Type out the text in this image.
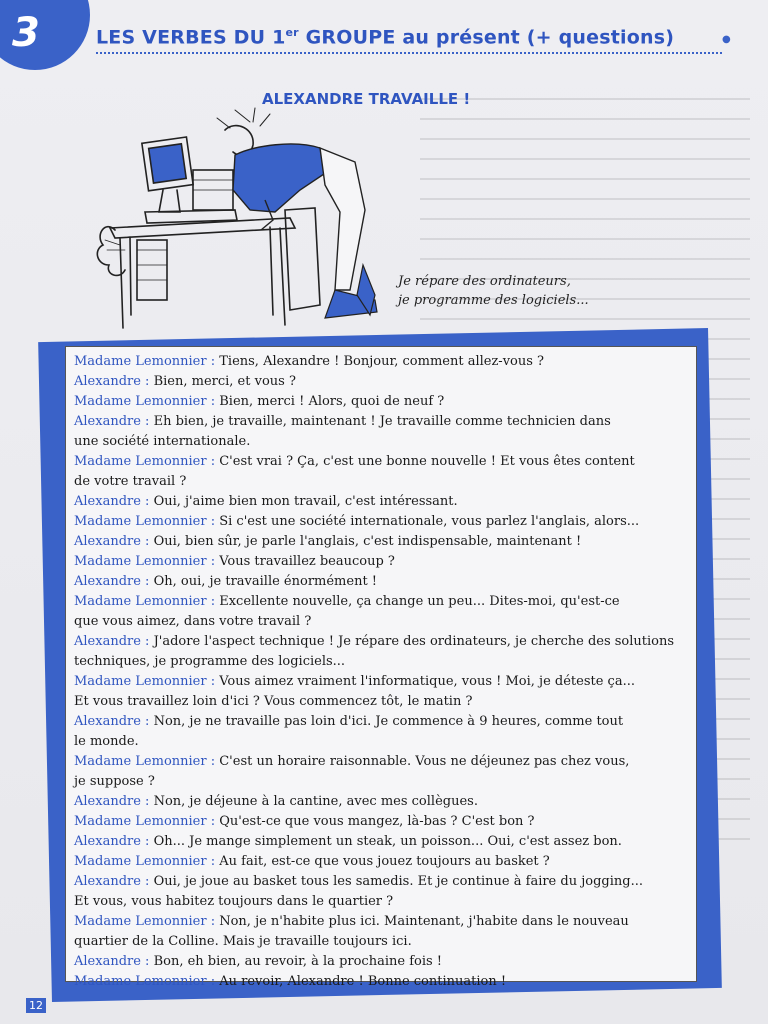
3	LES VERBES DU 1er GROUPE au présent (+ questions)	●
ALEXANDRE TRAVAILLE !
Je répare des ordinateurs,
je programme des logiciels...

Madame Lemonnier : Tiens, Alexandre ! Bonjour, comment allez-vous ?

Alexandre : Bien, merci, et vous ?

Madame Lemonnier : Bien, merci ! Alors, quoi de neuf ?

Alexandre : Eh bien, je travaille, maintenant ! Je travaille comme technicien dans

une société internationale.

Madame Lemonnier : C'est vrai ? Ça, c'est une bonne nouvelle ! Et vous êtes content

de votre travail ?

Alexandre : Oui, j'aime bien mon travail, c'est intéressant.

Madame Lemonnier : Si c'est une société internationale, vous parlez l'anglais, alors...

Alexandre : Oui, bien sûr, je parle l'anglais, c'est indispensable, maintenant !

Madame Lemonnier : Vous travaillez beaucoup ?

Alexandre : Oh, oui, je travaille énormément !

Madame Lemonnier : Excellente nouvelle, ça change un peu... Dites-moi, qu'est-ce

que vous aimez, dans votre travail ?

Alexandre : J'adore l'aspect technique ! Je répare des ordinateurs, je cherche des solutions

techniques, je programme des logiciels...

Madame Lemonnier : Vous aimez vraiment l'informatique, vous ! Moi, je déteste ça...

Et vous travaillez loin d'ici ? Vous commencez tôt, le matin ?

Alexandre : Non, je ne travaille pas loin d'ici. Je commence à 9 heures, comme tout

le monde.

Madame Lemonnier : C'est un horaire raisonnable. Vous ne déjeunez pas chez vous,

je suppose ?

Alexandre : Non, je déjeune à la cantine, avec mes collègues.

Madame Lemonnier : Qu'est-ce que vous mangez, là-bas ? C'est bon ?

Alexandre : Oh... Je mange simplement un steak, un poisson... Oui, c'est assez bon.

Madame Lemonnier : Au fait, est-ce que vous jouez toujours au basket ?

Alexandre : Oui, je joue au basket tous les samedis. Et je continue à faire du jogging...

Et vous, vous habitez toujours dans le quartier ?

Madame Lemonnier : Non, je n'habite plus ici. Maintenant, j'habite dans le nouveau

quartier de la Colline. Mais je travaille toujours ici.

Alexandre : Bon, eh bien, au revoir, à la prochaine fois !

Madame Lemonnier : Au revoir, Alexandre ! Bonne continuation !

12
